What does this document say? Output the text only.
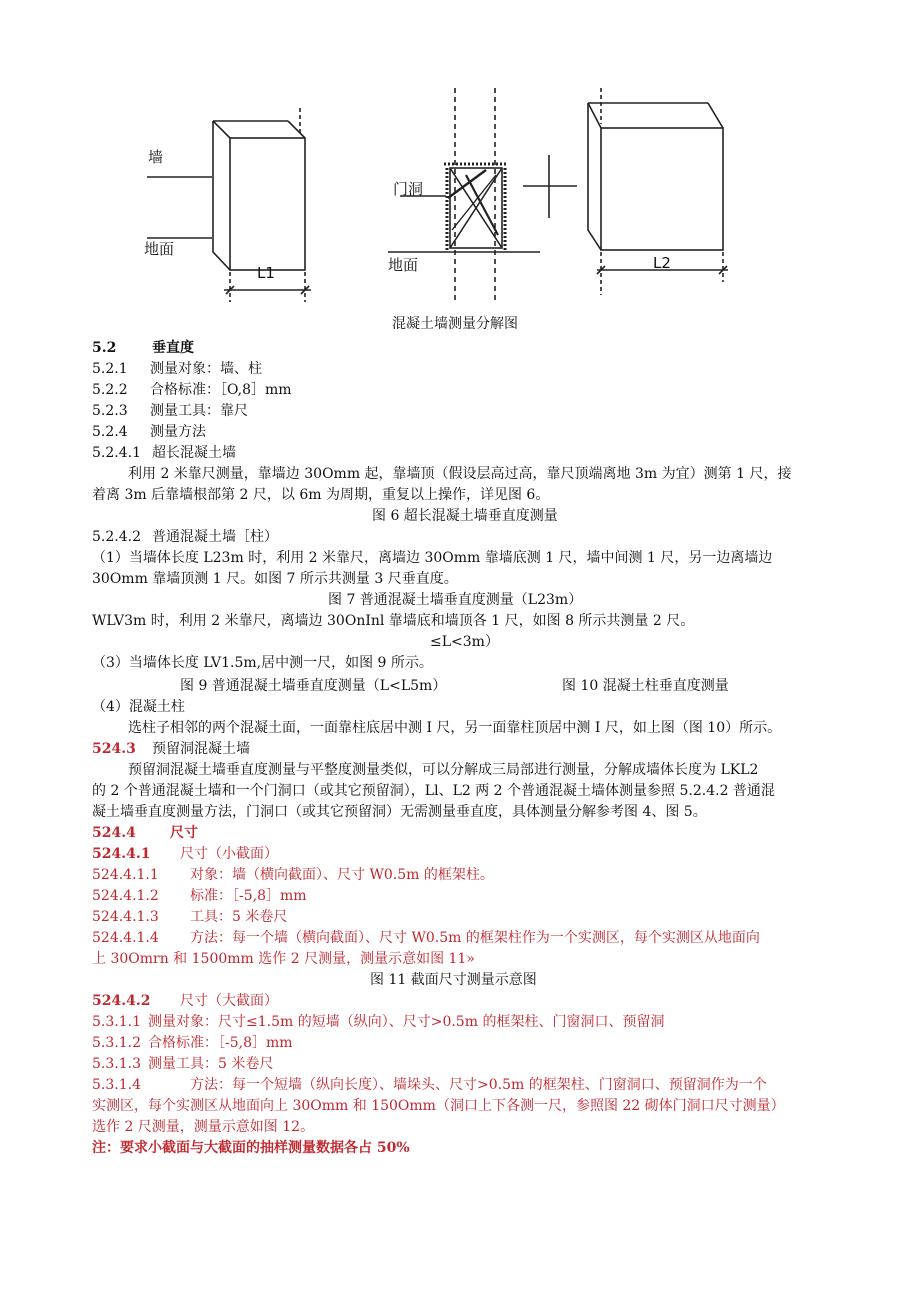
墙
地面
L1
门洞
地面	L2
混凝土墙测量分解图
5.2	垂直度
5.2.1 测量对象：墙、柱
5.2.2 合格标准：［O,8］mm
5.2.3 测量工具：靠尺
5.2.4 测量方法
5.2.4.1 超长混凝土墙
利用 2 米靠尺测量，靠墙边 30Omm 起，靠墙顶（假设层高过高，靠尺顶端离地 3m 为宜）测第 1 尺，接
着离 3m 后靠墙根部第 2 尺，以 6m 为周期，重复以上操作，详见图 6。
图 6 超长混凝土墙垂直度测量
5.2.4.2 普通混凝土墙［柱）
（1）当墙体长度 L23m 时，利用 2 米靠尺，离墙边 30Omm 靠墙底测 1 尺，墙中间测 1 尺，另一边离墙边
30Omm 靠墙顶测 1 尺。如图 7 所示共测量 3 尺垂直度。
图 7 普通混凝土墙垂直度测量（L23m）
WLV3m 时，利用 2 米靠尺，离墙边 30OnInl 靠墙底和墙顶各 1 尺，如图 8 所示共测量 2 尺。
≤L<3m）
（3）当墙体长度 LV1.5m,居中测一尺，如图 9 所示。
图 9 普通混凝土墙垂直度测量（L<L5m）	图 10 混凝土柱垂直度测量
（4）混凝土柱
选柱子相邻的两个混凝土面，一面靠柱底居中测 I 尺，另一面靠柱顶居中测 I 尺，如上图（图 10）所示。
524.3 预留洞混凝土墙
预留洞混凝土墙垂直度测量与平整度测量类似，可以分解成三局部进行测量，分解成墙体长度为 LKL2
的 2 个普通混凝土墙和一个门洞口（或其它预留洞），Ll、L2 两 2 个普通混凝土墙体测量参照 5.2.4.2 普通混
凝土墙垂直度测量方法，门洞口（或其它预留洞）无需测量垂直度，具体测量分解参考图 4、图 5。
524.4 尺寸
524.4.1 尺寸（小截面）
524.4.1.1 对象：墙（横向截面）、尺寸 W0.5m 的框架柱。
524.4.1.2 标准：［-5,8］mm
524.4.1.3 工具：5 米卷尺
524.4.1.4 方法：每一个墙（横向截面）、尺寸 W0.5m 的框架柱作为一个实测区，每个实测区从地面向
上 30Omrn 和 1500mm 选作 2 尺测量，测量示意如图 11»
图 11 截面尺寸测量示意图
524.4.2 尺寸（大截面）
5.3.1.1 测量对象：尺寸≤1.5m 的短墙（纵向）、尺寸>0.5m 的框架柱、门窗洞口、预留洞
5.3.1.2 合格标准：［-5,8］mm
5.3.1.3 测量工具：5 米卷尺
5.3.1.4	方法：每一个短墙（纵向长度）、墙垛头、尺寸>0.5m 的框架柱、门窗洞口、预留洞作为一个
实测区，每个实测区从地面向上 30Omm 和 150Omm（洞口上下各测一尺，参照图 22 砌体门洞口尺寸测量）
选作 2 尺测量，测量示意如图 12。
注：要求小截面与大截面的抽样测量数据各占 50%
